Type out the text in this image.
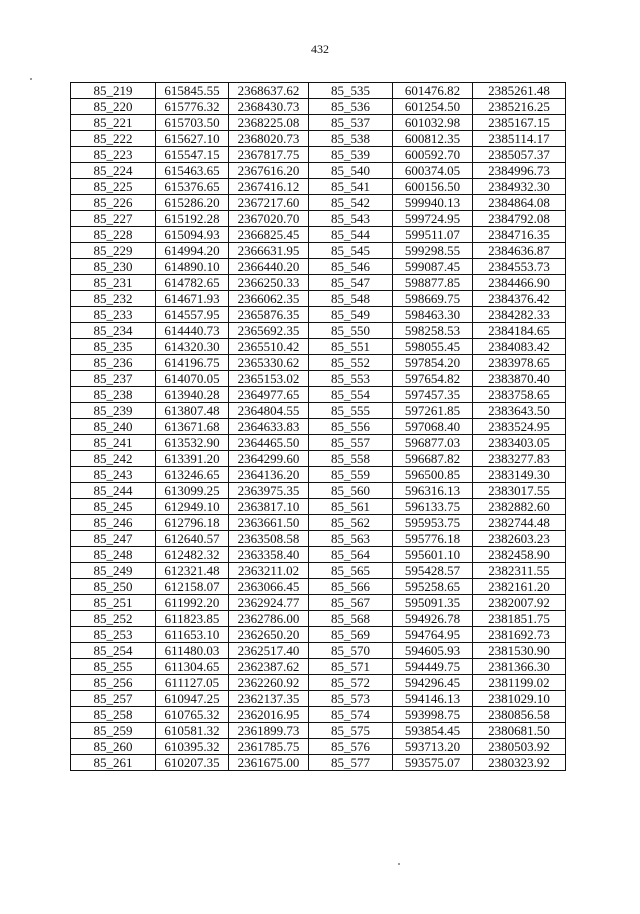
432
85_219	615845.55	2368637.62	85_535	601476.82	2385261.48
85_220	615776.32	2368430.73	85_536	601254.50	2385216.25
85_221	615703.50	2368225.08	85_537	601032.98	2385167.15
85_222	615627.10	2368020.73	85_538	600812.35	2385114.17
85_223	615547.15	2367817.75	85_539	600592.70	2385057.37
85_224	615463.65	2367616.20	85_540	600374.05	2384996.73
85_225	615376.65	2367416.12	85_541	600156.50	2384932.30
85_226	615286.20	2367217.60	85_542	599940.13	2384864.08
85_227	615192.28	2367020.70	85_543	599724.95	2384792.08
85_228	615094.93	2366825.45	85_544	599511.07	2384716.35
85_229	614994.20	2366631.95	85_545	599298.55	2384636.87
85_230	614890.10	2366440.20	85_546	599087.45	2384553.73
85_231	614782.65	2366250.33	85_547	598877.85	2384466.90
85_232	614671.93	2366062.35	85_548	598669.75	2384376.42
85_233	614557.95	2365876.35	85_549	598463.30	2384282.33
85_234	614440.73	2365692.35	85_550	598258.53	2384184.65
85_235	614320.30	2365510.42	85_551	598055.45	2384083.42
85_236	614196.75	2365330.62	85_552	597854.20	2383978.65
85_237	614070.05	2365153.02	85_553	597654.82	2383870.40
85_238	613940.28	2364977.65	85_554	597457.35	2383758.65
85_239	613807.48	2364804.55	85_555	597261.85	2383643.50
85_240	613671.68	2364633.83	85_556	597068.40	2383524.95
85_241	613532.90	2364465.50	85_557	596877.03	2383403.05
85_242	613391.20	2364299.60	85_558	596687.82	2383277.83
85_243	613246.65	2364136.20	85_559	596500.85	2383149.30
85_244	613099.25	2363975.35	85_560	596316.13	2383017.55
85_245	612949.10	2363817.10	85_561	596133.75	2382882.60
85_246	612796.18	2363661.50	85_562	595953.75	2382744.48
85_247	612640.57	2363508.58	85_563	595776.18	2382603.23
85_248	612482.32	2363358.40	85_564	595601.10	2382458.90
85_249	612321.48	2363211.02	85_565	595428.57	2382311.55
85_250	612158.07	2363066.45	85_566	595258.65	2382161.20
85_251	611992.20	2362924.77	85_567	595091.35	2382007.92
85_252	611823.85	2362786.00	85_568	594926.78	2381851.75
85_253	611653.10	2362650.20	85_569	594764.95	2381692.73
85_254	611480.03	2362517.40	85_570	594605.93	2381530.90
85_255	611304.65	2362387.62	85_571	594449.75	2381366.30
85_256	611127.05	2362260.92	85_572	594296.45	2381199.02
85_257	610947.25	2362137.35	85_573	594146.13	2381029.10
85_258	610765.32	2362016.95	85_574	593998.75	2380856.58
85_259	610581.32	2361899.73	85_575	593854.45	2380681.50
85_260	610395.32	2361785.75	85_576	593713.20	2380503.92
85_261	610207.35	2361675.00	85_577	593575.07	2380323.92
